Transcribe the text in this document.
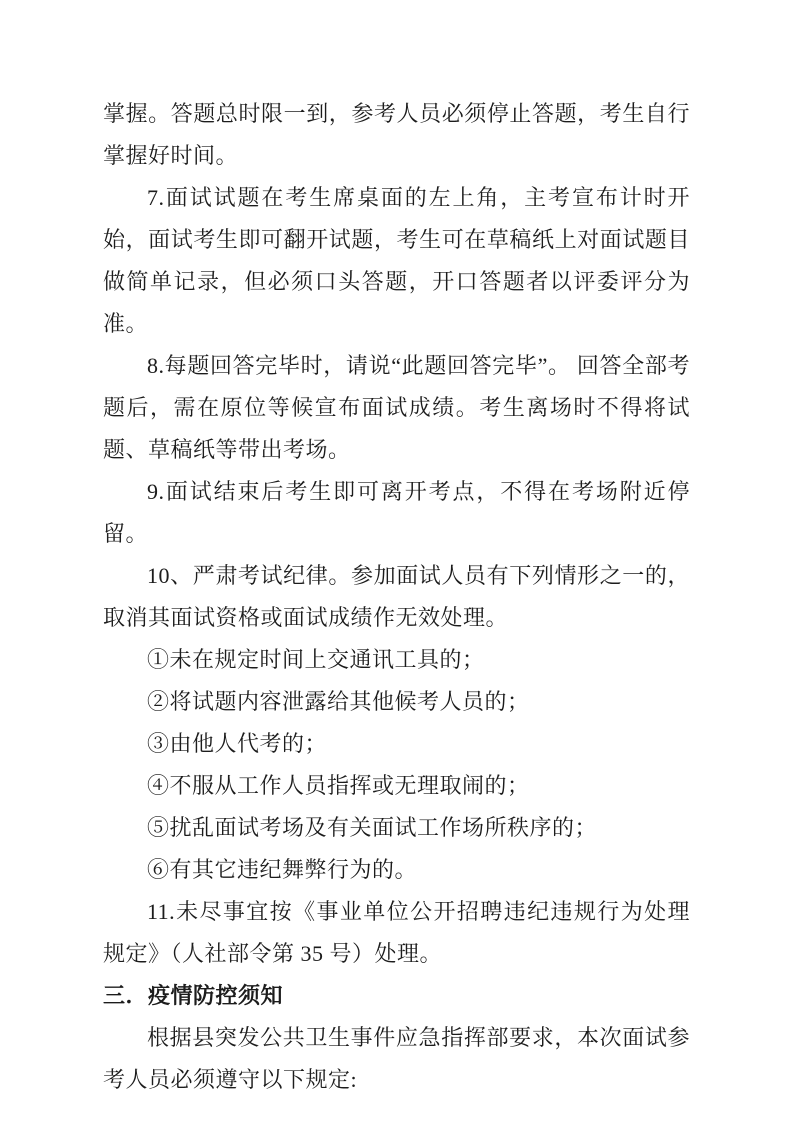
掌握。答题总时限一到，参考人员必须停止答题，考生自行掌握好时间。

7.面试试题在考生席桌面的左上角，主考宣布计时开始，面试考生即可翻开试题，考生可在草稿纸上对面试题目做简单记录，但必须口头答题，开口答题者以评委评分为准。

8.每题回答完毕时，请说“此题回答完毕”。 回答全部考题后，需在原位等候宣布面试成绩。考生离场时不得将试题、草稿纸等带出考场。

9.面试结束后考生即可离开考点，不得在考场附近停留。

10、严肃考试纪律。参加面试人员有下列情形之一的，取消其面试资格或面试成绩作无效处理。

①未在规定时间上交通讯工具的；

②将试题内容泄露给其他候考人员的；

③由他人代考的；

④不服从工作人员指挥或无理取闹的；

⑤扰乱面试考场及有关面试工作场所秩序的；

⑥有其它违纪舞弊行为的。

11.未尽事宜按《事业单位公开招聘违纪违规行为处理规定》（人社部令第 35 号）处理。

三．疫情防控须知

根据县突发公共卫生事件应急指挥部要求，本次面试参考人员必须遵守以下规定:
